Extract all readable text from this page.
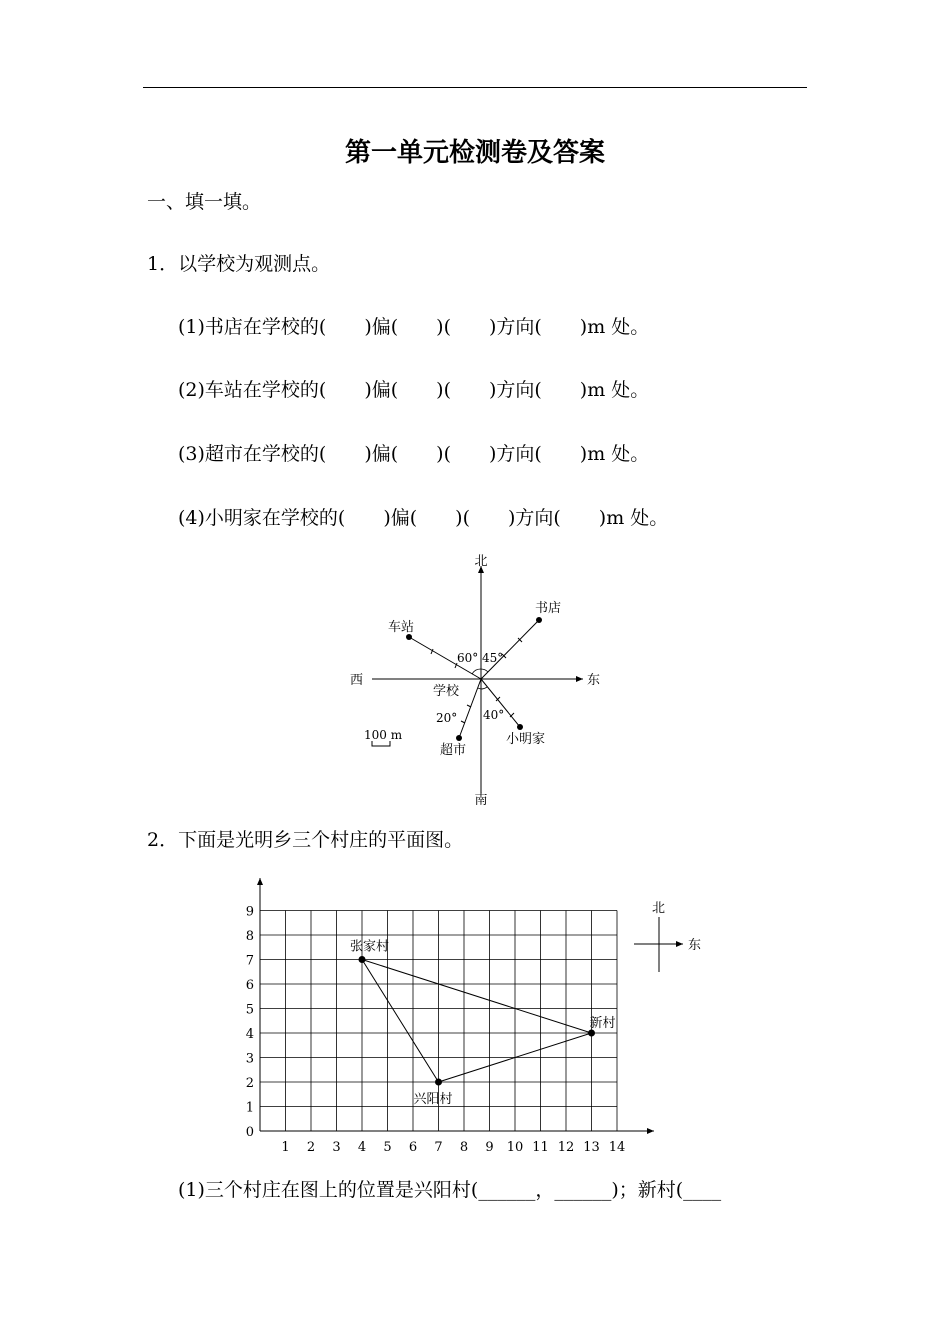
第一单元检测卷及答案
一、填一填。
1．以学校为观测点。
(1)书店在学校的(　　)偏(　　)(　　)方向(　　)m 处。
(2)车站在学校的(　　)偏(　　)(　　)方向(　　)m 处。
(3)超市在学校的(　　)偏(　　)(　　)方向(　　)m 处。
(4)小明家在学校的(　　)偏(　　)(　　)方向(　　)m 处。
北
南
东
西
学校
书店
车站
超市
小明家
60° 45°
20° 40°
100 m
2．下面是光明乡三个村庄的平面图。
1 2 3 4 5 6 7 8 9 10 11 12 13 14
0
1
2
3
4
5
6
7
8
9
张家村
新村
兴阳村
北
东
(1)三个村庄在图上的位置是兴阳村(______，______)；新村(____
